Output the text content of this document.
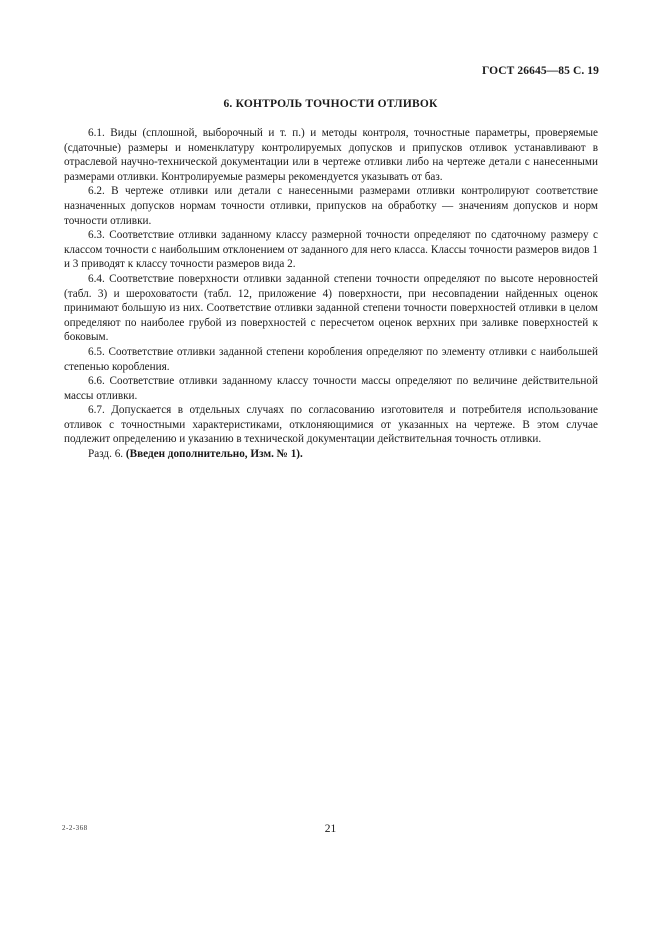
ГОСТ 26645—85 С. 19
6. КОНТРОЛЬ ТОЧНОСТИ ОТЛИВОК

6.1. Виды (сплошной, выборочный и т. п.) и методы контроля, точностные параметры, проверяемые (сдаточные) размеры и номенклатуру контролируемых допусков и припусков отливок устанавливают в отраслевой научно-технической документации или в чертеже отливки либо на чертеже детали с нанесенными размерами отливки. Контролируемые размеры рекомендуется указывать от баз.

6.2. В чертеже отливки или детали с нанесенными размерами отливки контролируют соответствие назначенных допусков нормам точности отливки, припусков на обработку — значениям допусков и норм точности отливки.

6.3. Соответствие отливки заданному классу размерной точности определяют по сдаточному размеру с классом точности с наибольшим отклонением от заданного для него класса. Классы точности размеров видов 1 и 3 приводят к классу точности размеров вида 2.

6.4. Соответствие поверхности отливки заданной степени точности определяют по высоте неровностей (табл. 3) и шероховатости (табл. 12, приложение 4) поверхности, при несовпадении найденных оценок принимают большую из них. Соответствие отливки заданной степени точности поверхностей отливки в целом определяют по наиболее грубой из поверхностей с пересчетом оценок верхних при заливке поверхностей к боковым.

6.5. Соответствие отливки заданной степени коробления определяют по элементу отливки с наибольшей степенью коробления.

6.6. Соответствие отливки заданному классу точности массы определяют по величине действительной массы отливки.

6.7. Допускается в отдельных случаях по согласованию изготовителя и потребителя использование отливок с точностными характеристиками, отклоняющимися от указанных на чертеже. В этом случае подлежит определению и указанию в технической документации действительная точность отливки.

Разд. 6. (Введен дополнительно, Изм. № 1).

2-2-368	21
